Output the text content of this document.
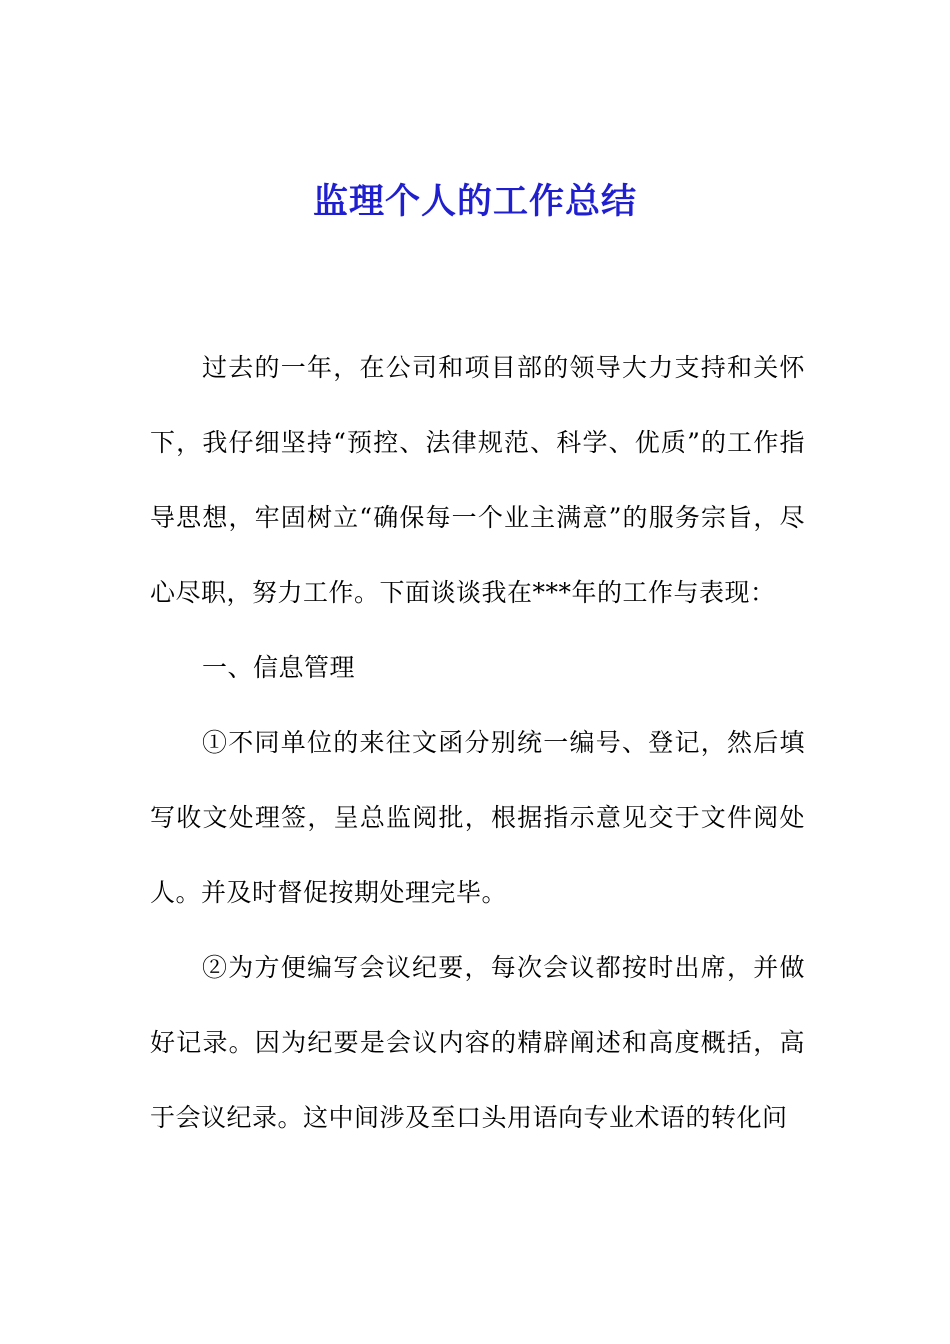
监理个人的工作总结

过去的一年，在公司和项目部的领导大力支持和关怀下，我仔细坚持“预控、法律规范、科学、优质”的工作指导思想，牢固树立“确保每一个业主满意”的服务宗旨，尽心尽职，努力工作。下面谈谈我在***年的工作与表现：

一、信息管理

①不同单位的来往文函分别统一编号、登记，然后填写收文处理签，呈总监阅批，根据指示意见交于文件阅处人。并及时督促按期处理完毕。

②为方便编写会议纪要，每次会议都按时出席，并做好记录。因为纪要是会议内容的精辟阐述和高度概括，高于会议纪录。这中间涉及至口头用语向专业术语的转化问
